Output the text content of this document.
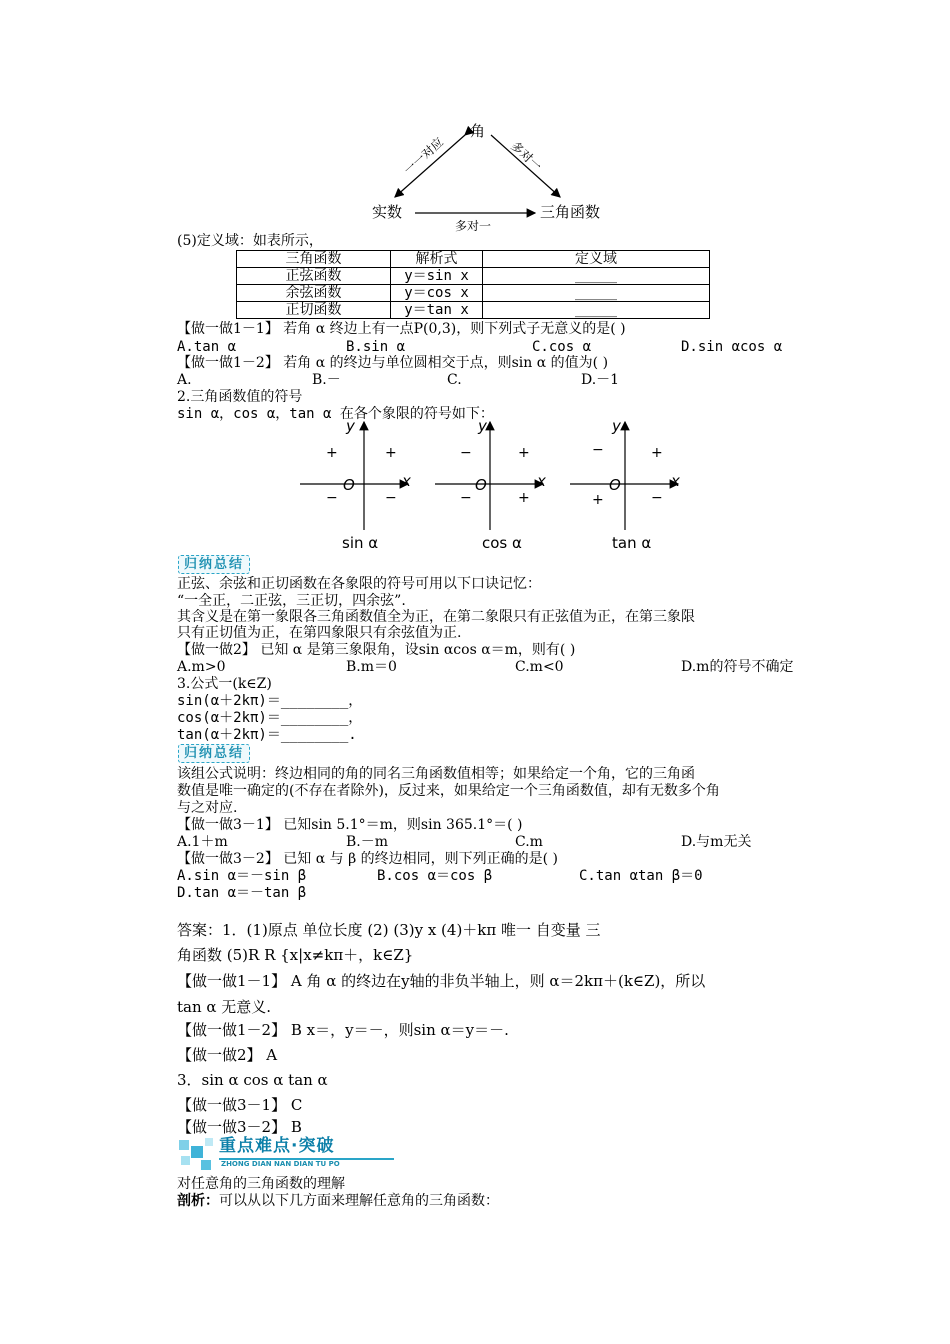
角
实数	三角函数
一一对应	多对一
多对一
(5)定义域：如表所示，
三角函数	解析式	定义域
正弦函数	y＝sin x	______
余弦函数	y＝cos x	______
正切函数	y＝tan x	______
【做一做1－1】 若角 α 终边上有一点P(0,3)，则下列式子无意义的是( )
A.tan α	B.sin α	C.cos α	D.sin αcos α
【做一做1－2】 若角 α 的终边与单位圆相交于点，则sin α 的值为( )
A.	B.－	C.	D.－1
2.三角函数值的符号
sin α，cos α，tan α 在各个象限的符号如下：
y
x
O
+	+
−	−
sin α
y
x
O
−	+
−	+
cos α
y
x
O
−	+
+	−
tan α
归纳总结
正弦、余弦和正切函数在各象限的符号可用以下口诀记忆：
“一全正，二正弦，三正切，四余弦”.
其含义是在第一象限各三角函数值全为正，在第二象限只有正弦值为正，在第三象限
只有正切值为正，在第四象限只有余弦值为正.
【做一做2】 已知 α 是第三象限角，设sin αcos α＝m，则有( )
A.m>0	B.m＝0	C.m<0	D.m的符号不确定
3.公式一(k∈Z)
sin(α＋2kπ)＝________，
cos(α＋2kπ)＝________，
tan(α＋2kπ)＝________.
归纳总结
该组公式说明：终边相同的角的同名三角函数值相等；如果给定一个角，它的三角函
数值是唯一确定的(不存在者除外)，反过来，如果给定一个三角函数值，却有无数多个角
与之对应.
【做一做3－1】 已知sin 5.1°＝m，则sin 365.1°＝( )
A.1＋m	B.－m	C.m	D.与m无关
【做一做3－2】 已知 α 与 β 的终边相同，则下列正确的是( )
A.sin α＝－sin β	B.cos α＝cos β	C.tan αtan β＝0
D.tan α＝－tan β
答案：1．(1)原点 单位长度 (2) (3)y x (4)＋kπ 唯一 自变量 三
角函数 (5)R R {x|x≠kπ＋，k∈Z}
【做一做1－1】 A 角 α 的终边在y轴的非负半轴上，则 α＝2kπ＋(k∈Z)，所以
tan α 无意义.
【做一做1－2】 B x＝，y＝－，则sin α＝y＝－.
【做一做2】 A
3．sin α cos α tan α
【做一做3－1】 C
【做一做3－2】 B
重点难点·突破
ZHONG DIAN NAN DIAN TU PO
对任意角的三角函数的理解
剖析：可以从以下几方面来理解任意角的三角函数：
